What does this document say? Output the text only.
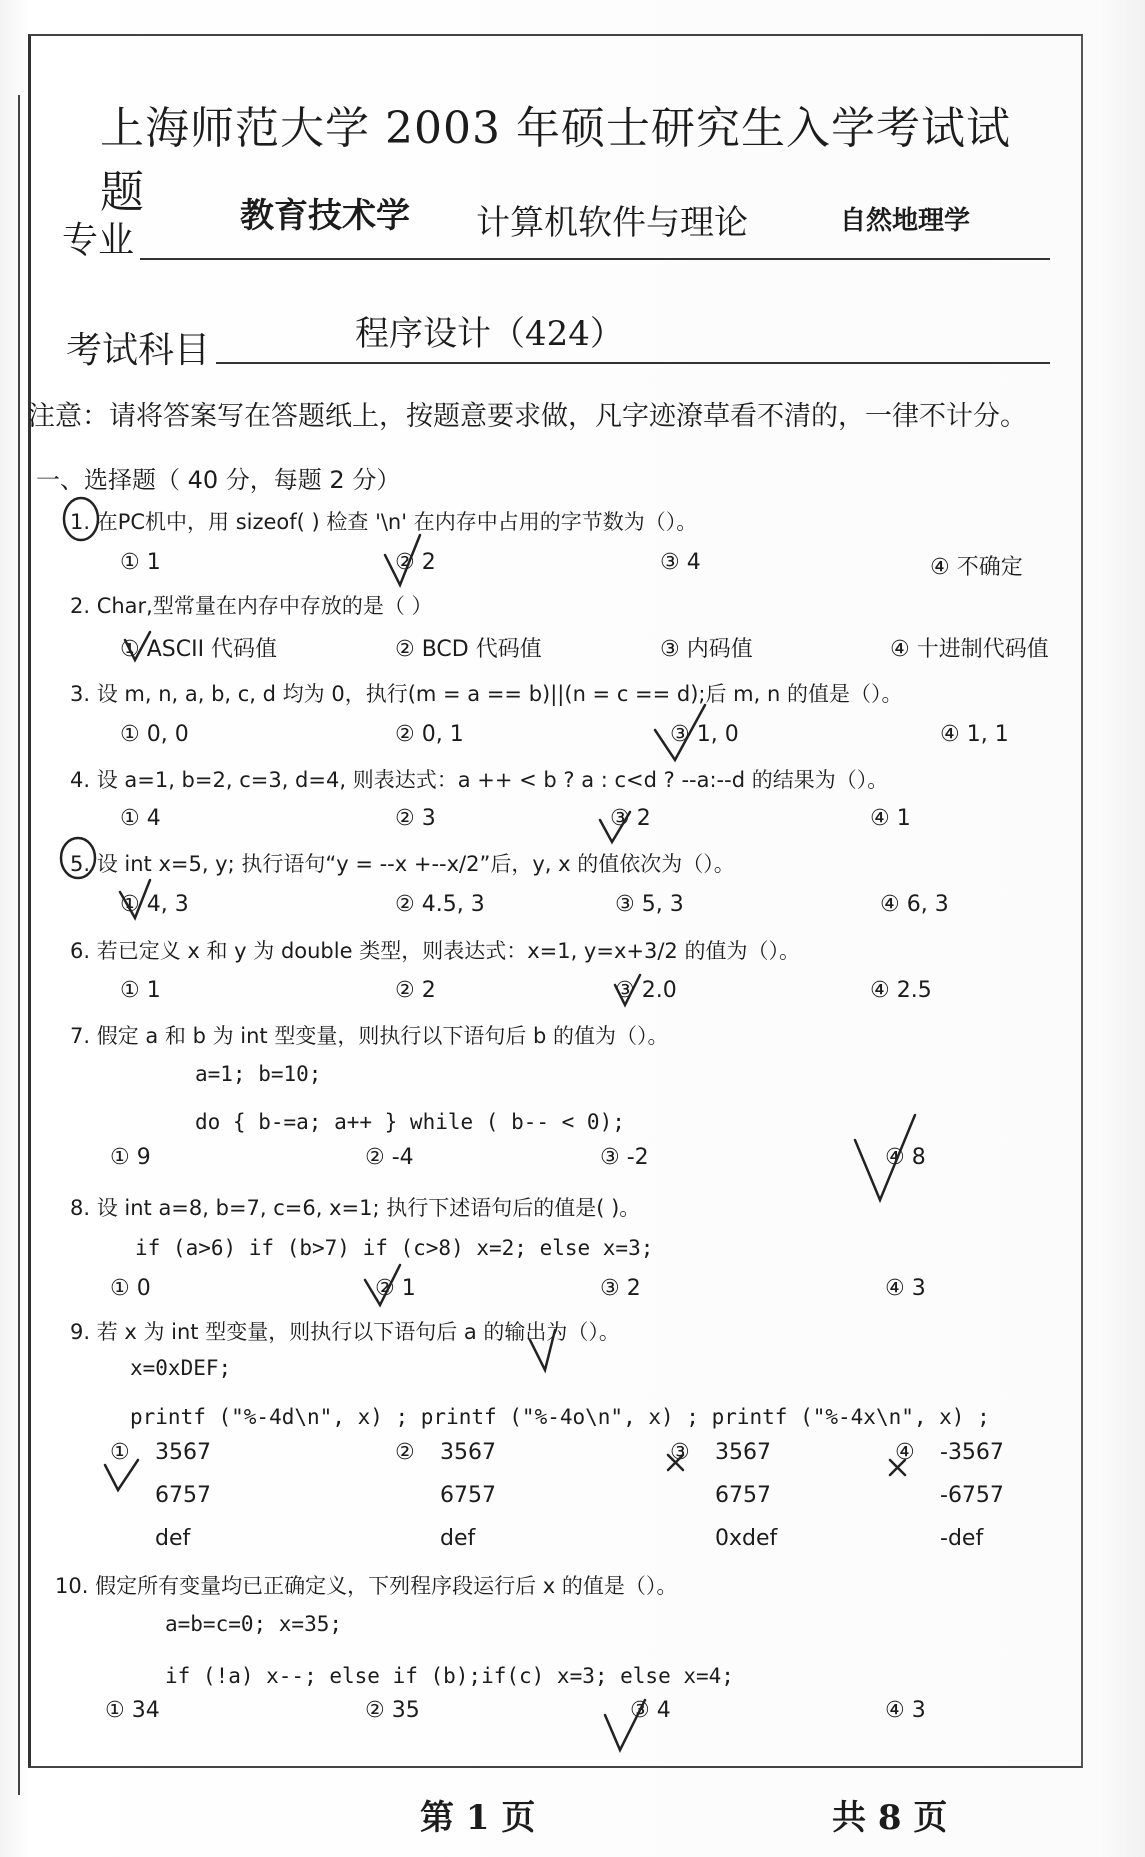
上海师范大学 2003 年硕士研究生入学考试试题
专业
教育技术学 计算机软件与理论	自然地理学
考试科目	程序设计（424）
注意：请将答案写在答题纸上，按题意要求做，凡字迹潦草看不清的，一律不计分。
一、选择题（ 40 分，每题 2 分）
1. 在PC机中，用 sizeof( ) 检查 '\n' 在内存中占用的字节数为（）。
① 1	② 2	③ 4	④ 不确定
2. Char,型常量在内存中存放的是（ ）
① ASCII 代码值	② BCD 代码值	③ 内码值	④ 十进制代码值
3. 设 m, n, a, b, c, d 均为 0，执行(m = a == b)||(n = c == d);后 m, n 的值是（）。
① 0, 0	② 0, 1	③ 1, 0	④ 1, 1
4. 设 a=1, b=2, c=3, d=4, 则表达式：a ++ < b ? a : c<d ? --a:--d 的结果为（）。
① 4	② 3	③ 2	④ 1
5. 设 int x=5, y; 执行语句“y = --x +--x/2”后，y, x 的值依次为（）。
① 4, 3	② 4.5, 3	③ 5, 3	④ 6, 3
6. 若已定义 x 和 y 为 double 类型，则表达式：x=1, y=x+3/2 的值为（）。
① 1	② 2	③ 2.0	④ 2.5
7. 假定 a 和 b 为 int 型变量，则执行以下语句后 b 的值为（）。
a=1; b=10;
do { b-=a; a++ } while ( b-- < 0);
① 9	② -4	③ -2	④ 8
8. 设 int a=8, b=7, c=6, x=1; 执行下述语句后的值是( )。
if (a>6) if (b>7) if (c>8) x=2; else x=3;
① 0	② 1	③ 2	④ 3
9. 若 x 为 int 型变量，则执行以下语句后 a 的输出为（）。
x=0xDEF;
printf ("%-4d\n", x) ; printf ("%-4o\n", x) ; printf ("%-4x\n", x) ;
① 3567
6757
def
② 3567
6757
def
③ 3567
6757
0xdef
④ -3567
-6757
-def
10. 假定所有变量均已正确定义，下列程序段运行后 x 的值是（）。
a=b=c=0; x=35;
if (!a) x--; else if (b);if(c) x=3; else x=4;
① 34	② 35	③ 4	④ 3
第 1 页	共 8 页
